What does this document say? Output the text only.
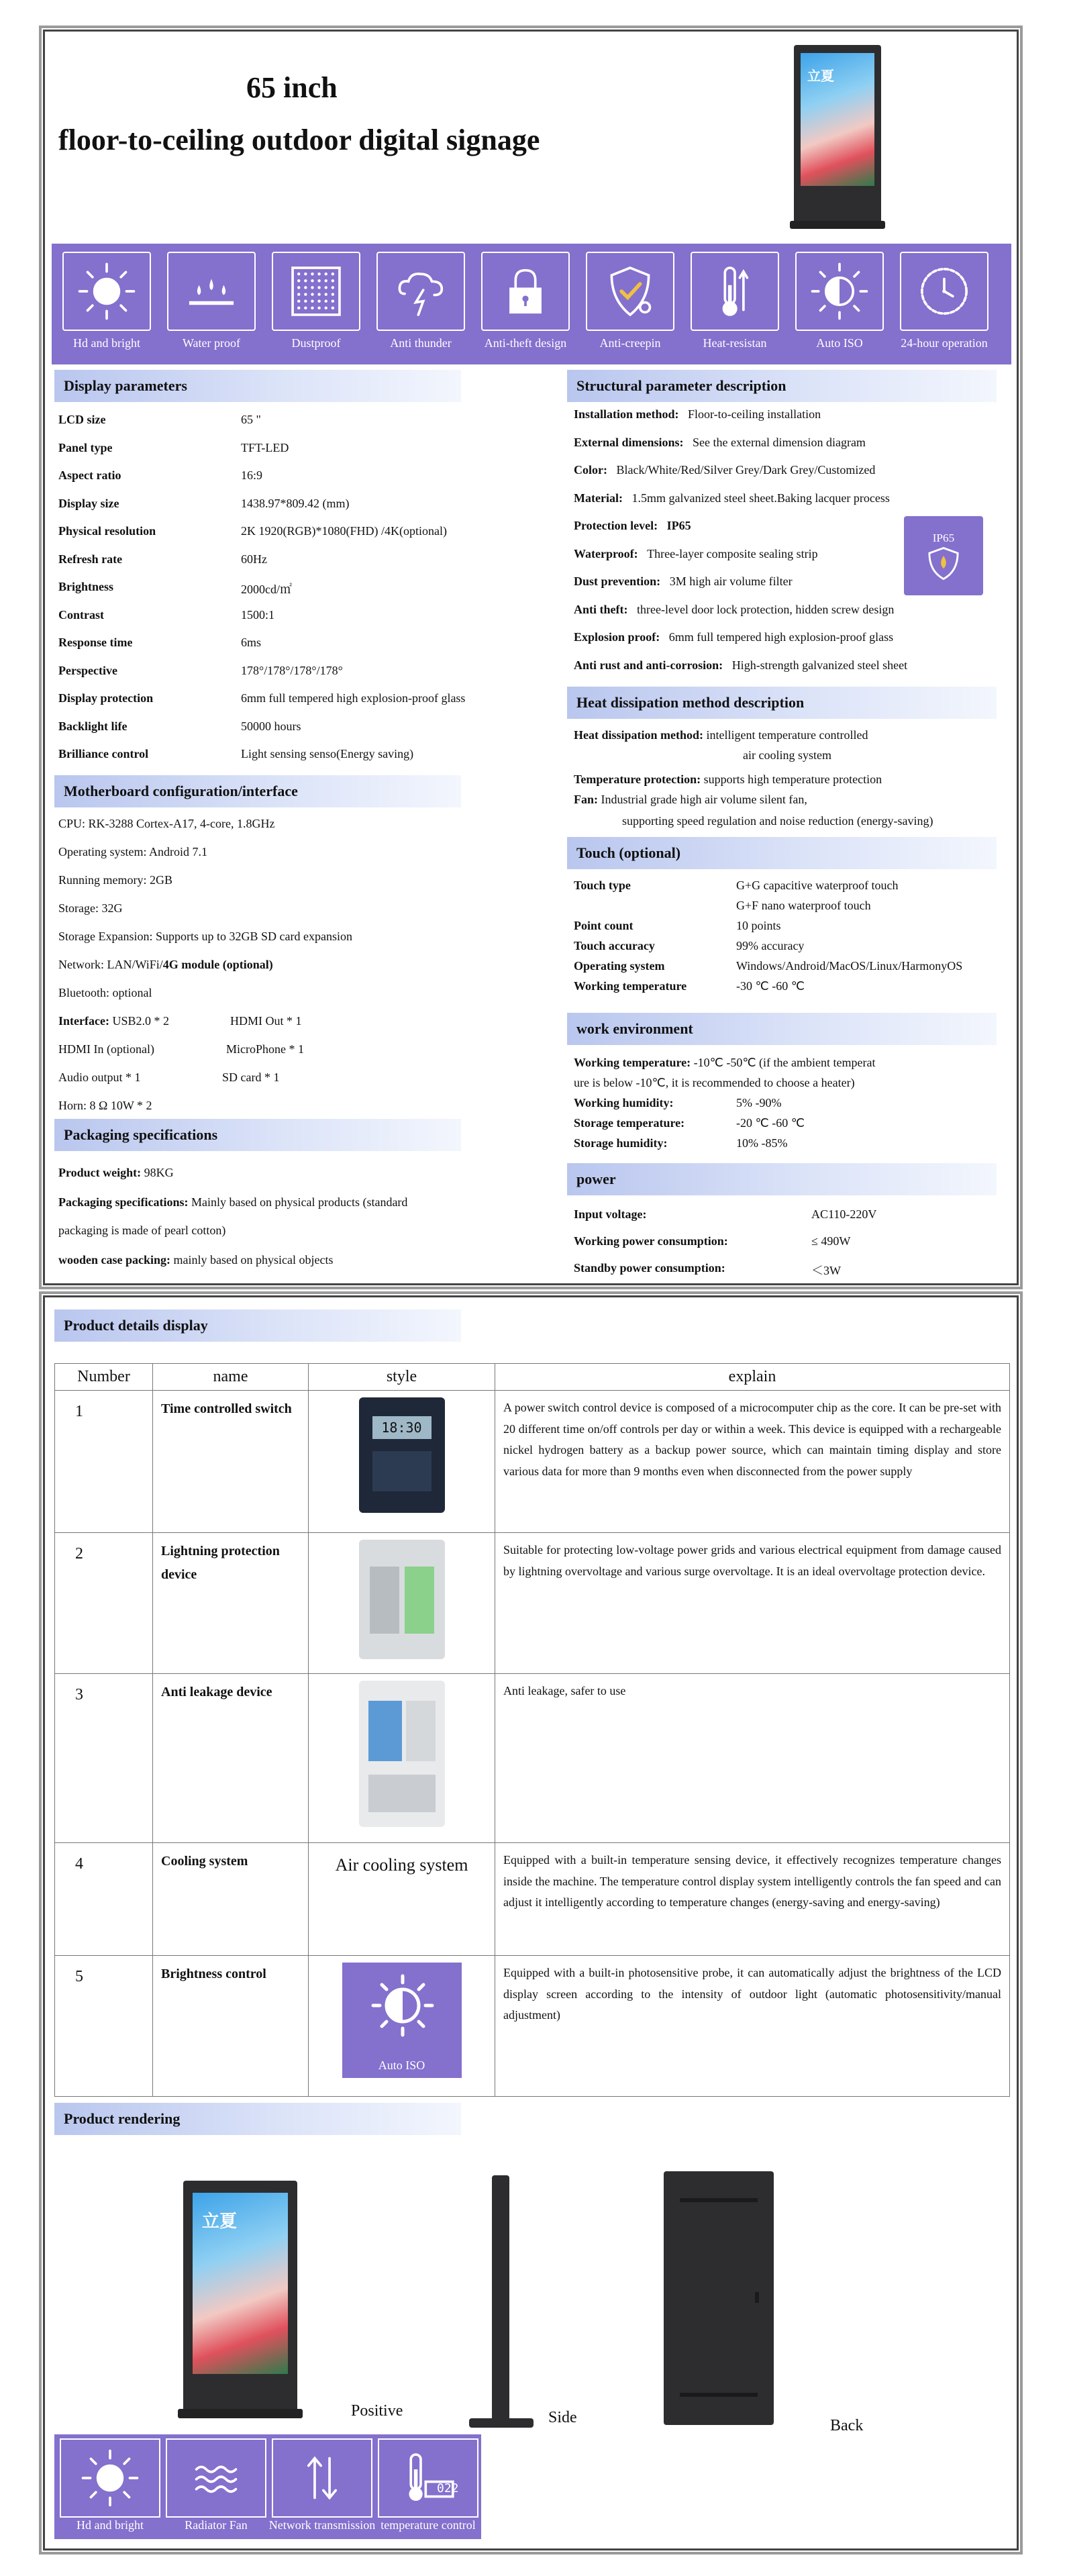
65 inch
floor-to-ceiling outdoor digital signage
立夏
Hd and bright	Water proof	Dustproof	Anti thunder	Anti-theft design	Anti-creepin	Heat-resistan	Auto ISO	24-hour operation
Display parameters
LCD size	65 "
Panel type	TFT-LED
Aspect ratio	16:9
Display size	1438.97*809.42 (mm)
Physical resolution	2K 1920(RGB)*1080(FHD) /4K(optional)
Refresh rate	60Hz
Brightness	2000cd/㎡
Contrast	1500:1
Response time	6ms
Perspective	178°/178°/178°/178°
Display protection	6mm full tempered high explosion-proof glass
Backlight life	50000 hours
Brilliance control	Light sensing senso(Energy saving)
Motherboard configuration/interface
CPU: RK-3288 Cortex-A17, 4-core, 1.8GHz
Operating system: Android 7.1
Running memory: 2GB
Storage: 32G
Storage Expansion: Supports up to 32GB SD card expansion
Network: LAN/WiFi/4G module (optional)
Bluetooth: optional
Interface: USB2.0 * 2	HDMI Out * 1
HDMI In (optional)	MicroPhone * 1
Audio output * 1	SD card * 1
Horn: 8 Ω 10W * 2
Packaging specifications
Product weight: 98KG
Packaging specifications: Mainly based on physical products (standard
packaging is made of pearl cotton)
wooden case packing: mainly based on physical objects
Structural parameter description
Installation method: Floor-to-ceiling installation
External dimensions: See the external dimension diagram
Color: Black/White/Red/Silver Grey/Dark Grey/Customized
Material: 1.5mm galvanized steel sheet.Baking lacquer process
Protection level: IP65
Waterproof: Three-layer composite sealing strip
Dust prevention: 3M high air volume filter
Anti theft: three-level door lock protection, hidden screw design
Explosion proof: 6mm full tempered high explosion-proof glass
Anti rust and anti-corrosion: High-strength galvanized steel sheet
IP65
Heat dissipation method description
Heat dissipation method: intelligent temperature controlled
air cooling system
Temperature protection: supports high temperature protection
Fan: Industrial grade high air volume silent fan,
supporting speed regulation and noise reduction (energy-saving)
Touch (optional)
Touch type	G+G capacitive waterproof touch
G+F nano waterproof touch
Point count	10 points
Touch accuracy	99% accuracy
Operating system	Windows/Android/MacOS/Linux/HarmonyOS
Working temperature	-30 ℃ -60 ℃
work environment
Working temperature: -10℃ -50℃ (if the ambient temperat
ure is below -10℃, it is recommended to choose a heater)
Working humidity:	5% -90%
Storage temperature:	-20 ℃ -60 ℃
Storage humidity:	10% -85%
power
Input voltage:	AC110-220V
Working power consumption:	≤ 490W
Standby power consumption:	＜3W
Product details display
Number	name	style	explain
1	Time controlled switch	18:30	A power switch control device is composed of a microcomputer chip as the core. It can be pre-set with 20 different time on/off controls per day or within a week. This device is equipped with a rechargeable nickel hydrogen battery as a backup power source, which can maintain timing display and store various data for more than 9 months even when disconnected from the power supply
2	Lightning protection device		Suitable for protecting low-voltage power grids and various electrical equipment from damage caused by lightning overvoltage and various surge overvoltage. It is an ideal overvoltage protection device.
3	Anti leakage device		Anti leakage, safer to use
4	Cooling system	Air cooling system	Equipped with a built-in temperature sensing device, it effectively recognizes temperature changes inside the machine. The temperature control display system intelligently controls the fan speed and can adjust it intelligently according to temperature changes (energy-saving and energy-saving)
5	Brightness control	Auto ISO	Equipped with a built-in photosensitive probe, it can automatically adjust the brightness of the LCD display screen according to the intensity of outdoor light (automatic photosensitivity/manual adjustment)
Product rendering
立夏
Positive	Side	Back
Hd and bright	Radiator Fan	Network transmission
022
temperature control
